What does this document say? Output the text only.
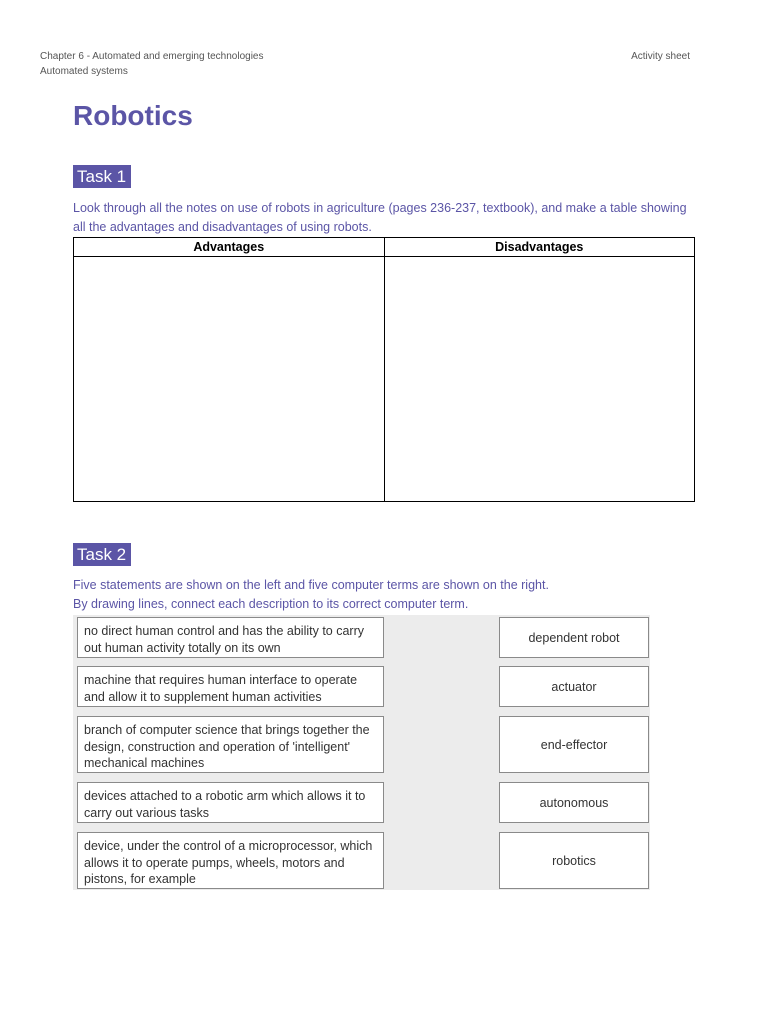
Chapter 6 - Automated and emerging technologies
Automated systems
Activity sheet
Robotics
Task 1
Look through all the notes on use of robots in agriculture (pages 236-237, textbook), and make a table showing all the advantages and disadvantages of using robots.
Advantages	Disadvantages

Task 2
Five statements are shown on the left and five computer terms are shown on the right.
By drawing lines, connect each description to its correct computer term.
no direct human control and has the ability to carry out human activity totally on its own
machine that requires human interface to operate and allow it to supplement human activities
branch of computer science that brings together the design, construction and operation of 'intelligent' mechanical machines
devices attached to a robotic arm which allows it to carry out various tasks
device, under the control of a microprocessor, which allows it to operate pumps, wheels, motors and pistons, for example
dependent robot
actuator
end-effector
autonomous
robotics
